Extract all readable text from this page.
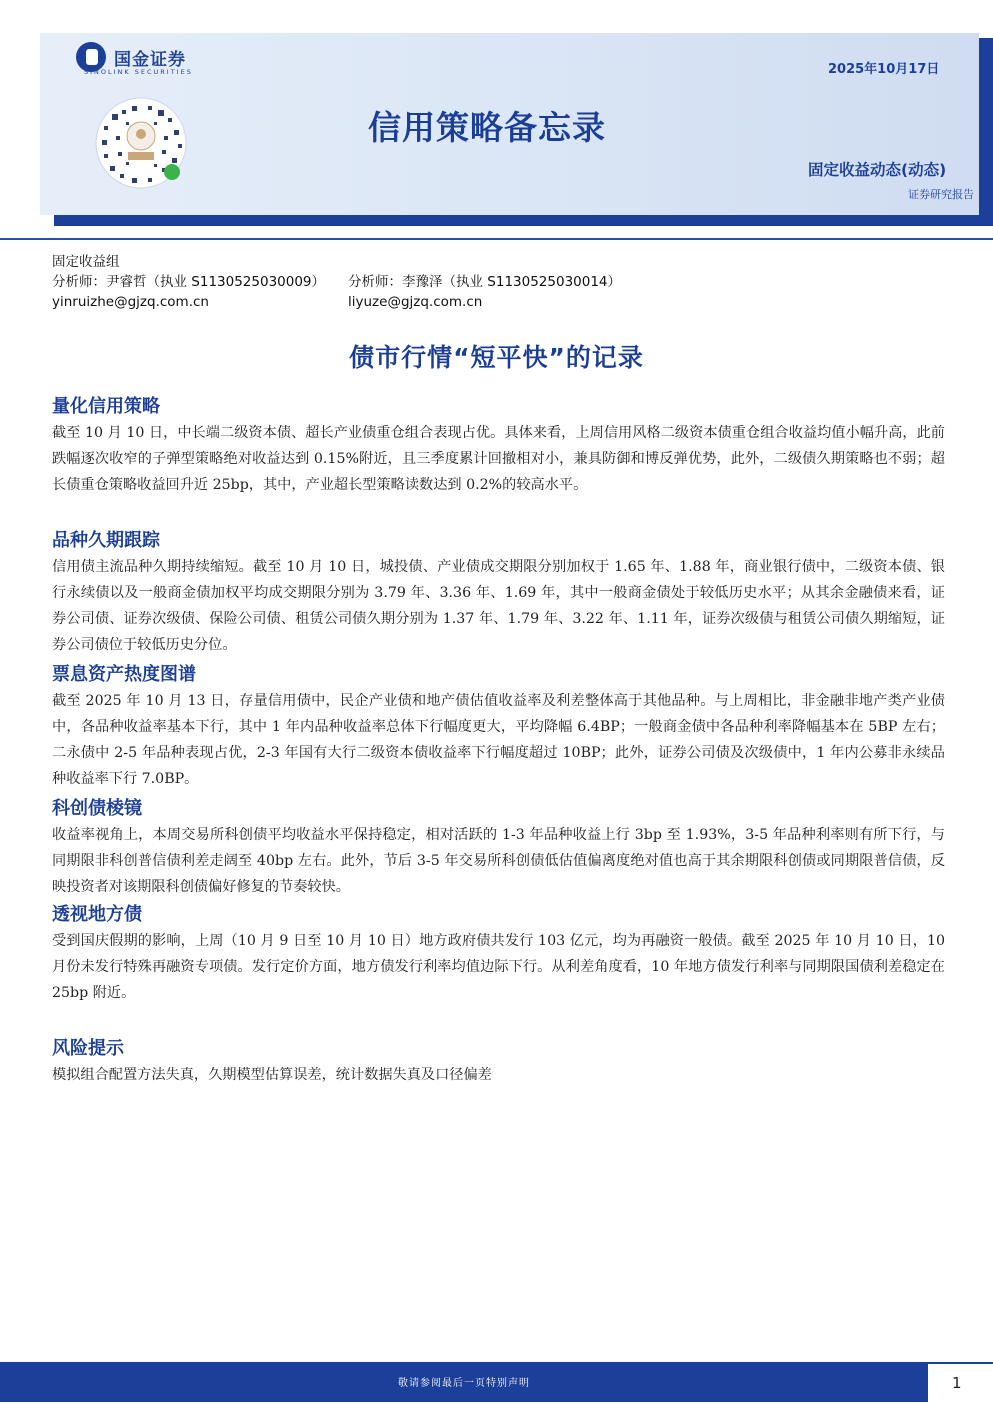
国金证券
SINOLINK SECURITIES	2025年10月17日
信用策略备忘录
固定收益动态(动态)
证券研究报告
固定收益组
分析师：尹睿哲（执业 S1130525030009） 分析师：李豫泽（执业 S1130525030014）
yinruizhe@gjzq.com.cn	liyuze@gjzq.com.cn
债市行情“短平快”的记录
量化信用策略
截至 10 月 10 日，中长端二级资本债、超长产业债重仓组合表现占优。具体来看，上周信用风格二级资本债重仓组合收益均值小幅升高，此前跌幅逐次收窄的子弹型策略绝对收益达到 0.15%附近，且三季度累计回撤相对小，兼具防御和博反弹优势，此外，二级债久期策略也不弱；超长债重仓策略收益回升近 25bp，其中，产业超长型策略读数达到 0.2%的较高水平。
品种久期跟踪
信用债主流品种久期持续缩短。截至 10 月 10 日，城投债、产业债成交期限分别加权于 1.65 年、1.88 年，商业银行债中，二级资本债、银行永续债以及一般商金债加权平均成交期限分别为 3.79 年、3.36 年、1.69 年，其中一般商金债处于较低历史水平；从其余金融债来看，证券公司债、证券次级债、保险公司债、租赁公司债久期分别为 1.37 年、1.79 年、3.22 年、1.11 年，证券次级债与租赁公司债久期缩短，证券公司债位于较低历史分位。
票息资产热度图谱
截至 2025 年 10 月 13 日，存量信用债中，民企产业债和地产债估值收益率及利差整体高于其他品种。与上周相比，非金融非地产类产业债中，各品种收益率基本下行，其中 1 年内品种收益率总体下行幅度更大，平均降幅 6.4BP；一般商金债中各品种利率降幅基本在 5BP 左右；二永债中 2-5 年品种表现占优，2-3 年国有大行二级资本债收益率下行幅度超过 10BP；此外，证券公司债及次级债中，1 年内公募非永续品种收益率下行 7.0BP。
科创债棱镜
收益率视角上，本周交易所科创债平均收益水平保持稳定，相对活跃的 1-3 年品种收益上行 3bp 至 1.93%，3-5 年品种利率则有所下行，与同期限非科创普信债利差走阔至 40bp 左右。此外，节后 3-5 年交易所科创债低估值偏离度绝对值也高于其余期限科创债或同期限普信债，反映投资者对该期限科创债偏好修复的节奏较快。
透视地方债
受到国庆假期的影响，上周（10 月 9 日至 10 月 10 日）地方政府债共发行 103 亿元，均为再融资一般债。截至 2025 年 10 月 10 日，10 月份未发行特殊再融资专项债。发行定价方面，地方债发行利率均值边际下行。从利差角度看，10 年地方债发行利率与同期限国债利差稳定在 25bp 附近。
风险提示
模拟组合配置方法失真，久期模型估算误差，统计数据失真及口径偏差
敬请参阅最后一页特别声明	1
